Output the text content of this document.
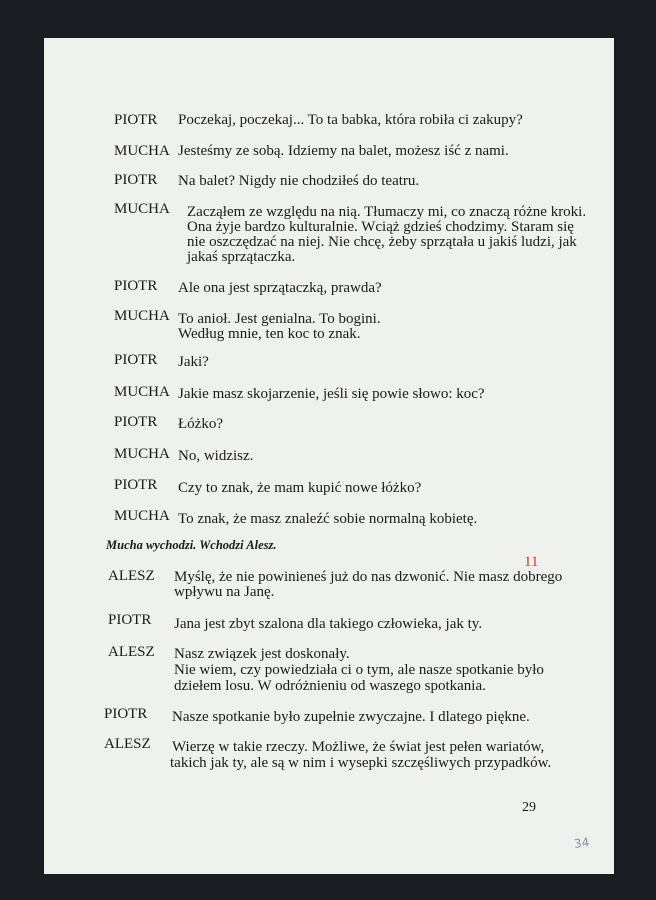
PIOTR Poczekaj, poczekaj... To ta babka, która robiła ci zakupy?
MUCHA Jesteśmy ze sobą. Idziemy na balet, możesz iść z nami.
PIOTR Na balet? Nigdy nie chodziłeś do teatru.
MUCHA Zacząłem ze względu na nią. Tłumaczy mi, co znaczą różne kroki.
Ona żyje bardzo kulturalnie. Wciąż gdzieś chodzimy. Staram się
nie oszczędzać na niej. Nie chcę, żeby sprzątała u jakiś ludzi, jak
jakaś sprzątaczka.
PIOTR Ale ona jest sprzątaczką, prawda?
MUCHA To anioł. Jest genialna. To bogini.
Według mnie, ten koc to znak.
PIOTR Jaki?
MUCHA Jakie masz skojarzenie, jeśli się powie słowo: koc?
PIOTR Łóżko?
MUCHA No, widzisz.
PIOTR Czy to znak, że mam kupić nowe łóżko?
MUCHA To znak, że masz znaleźć sobie normalną kobietę.
Mucha wychodzi. Wchodzi Alesz.
11
ALESZ Myślę, że nie powinieneś już do nas dzwonić. Nie masz dobrego
wpływu na Janę.
PIOTR Jana jest zbyt szalona dla takiego człowieka, jak ty.
ALESZ Nasz związek jest doskonały.
Nie wiem, czy powiedziała ci o tym, ale nasze spotkanie było
dziełem losu. W odróżnieniu od waszego spotkania.
PIOTR Nasze spotkanie było zupełnie zwyczajne. I dlatego piękne.
ALESZ Wierzę w takie rzeczy. Możliwe, że świat jest pełen wariatów,
takich jak ty, ale są w nim i wysepki szczęśliwych przypadków.
29
34
